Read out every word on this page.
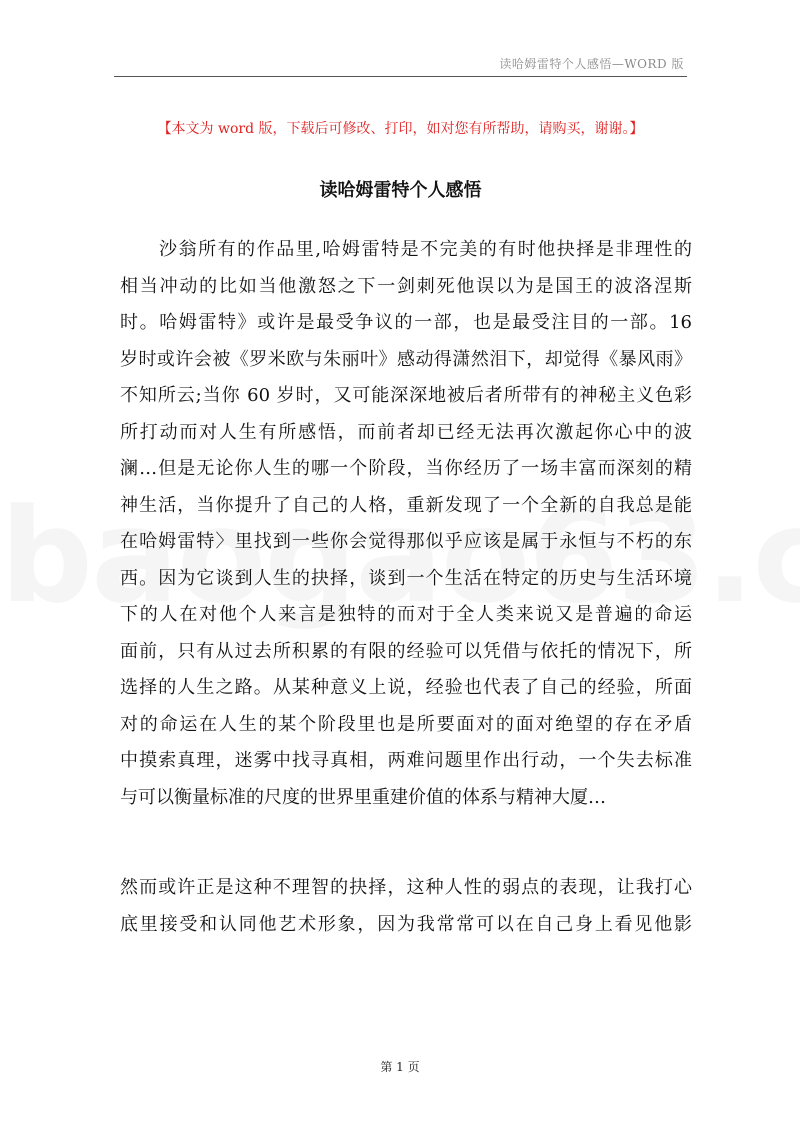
读哈姆雷特个人感悟—WORD 版
【本文为 word 版，下载后可修改、打印，如对您有所帮助，请购买，谢谢。】
读哈姆雷特个人感悟
　　沙翁所有的作品里,哈姆雷特是不完美的有时他抉择是非理性的
相当冲动的比如当他激怒之下一剑刺死他误以为是国王的波洛涅斯
时。哈姆雷特》或许是最受争议的一部，也是最受注目的一部。16
岁时或许会被《罗米欧与朱丽叶》感动得潇然泪下，却觉得《暴风雨》
不知所云;当你 60 岁时，又可能深深地被后者所带有的神秘主义色彩
所打动而对人生有所感悟，而前者却已经无法再次激起你心中的波
澜…但是无论你人生的哪一个阶段，当你经历了一场丰富而深刻的精
神生活，当你提升了自己的人格，重新发现了一个全新的自我总是能
在哈姆雷特〉里找到一些你会觉得那似乎应该是属于永恒与不朽的东
西。因为它谈到人生的抉择，谈到一个生活在特定的历史与生活环境
下的人在对他个人来言是独特的而对于全人类来说又是普遍的命运
面前，只有从过去所积累的有限的经验可以凭借与依托的情况下，所
选择的人生之路。从某种意义上说，经验也代表了自己的经验，所面
对的命运在人生的某个阶段里也是所要面对的面对绝望的存在矛盾
中摸索真理，迷雾中找寻真相，两难问题里作出行动，一个失去标准
与可以衡量标准的尺度的世界里重建价值的体系与精神大厦…
然而或许正是这种不理智的抉择，这种人性的弱点的表现，让我打心
底里接受和认同他艺术形象，因为我常常可以在自己身上看见他影
第 1 页
